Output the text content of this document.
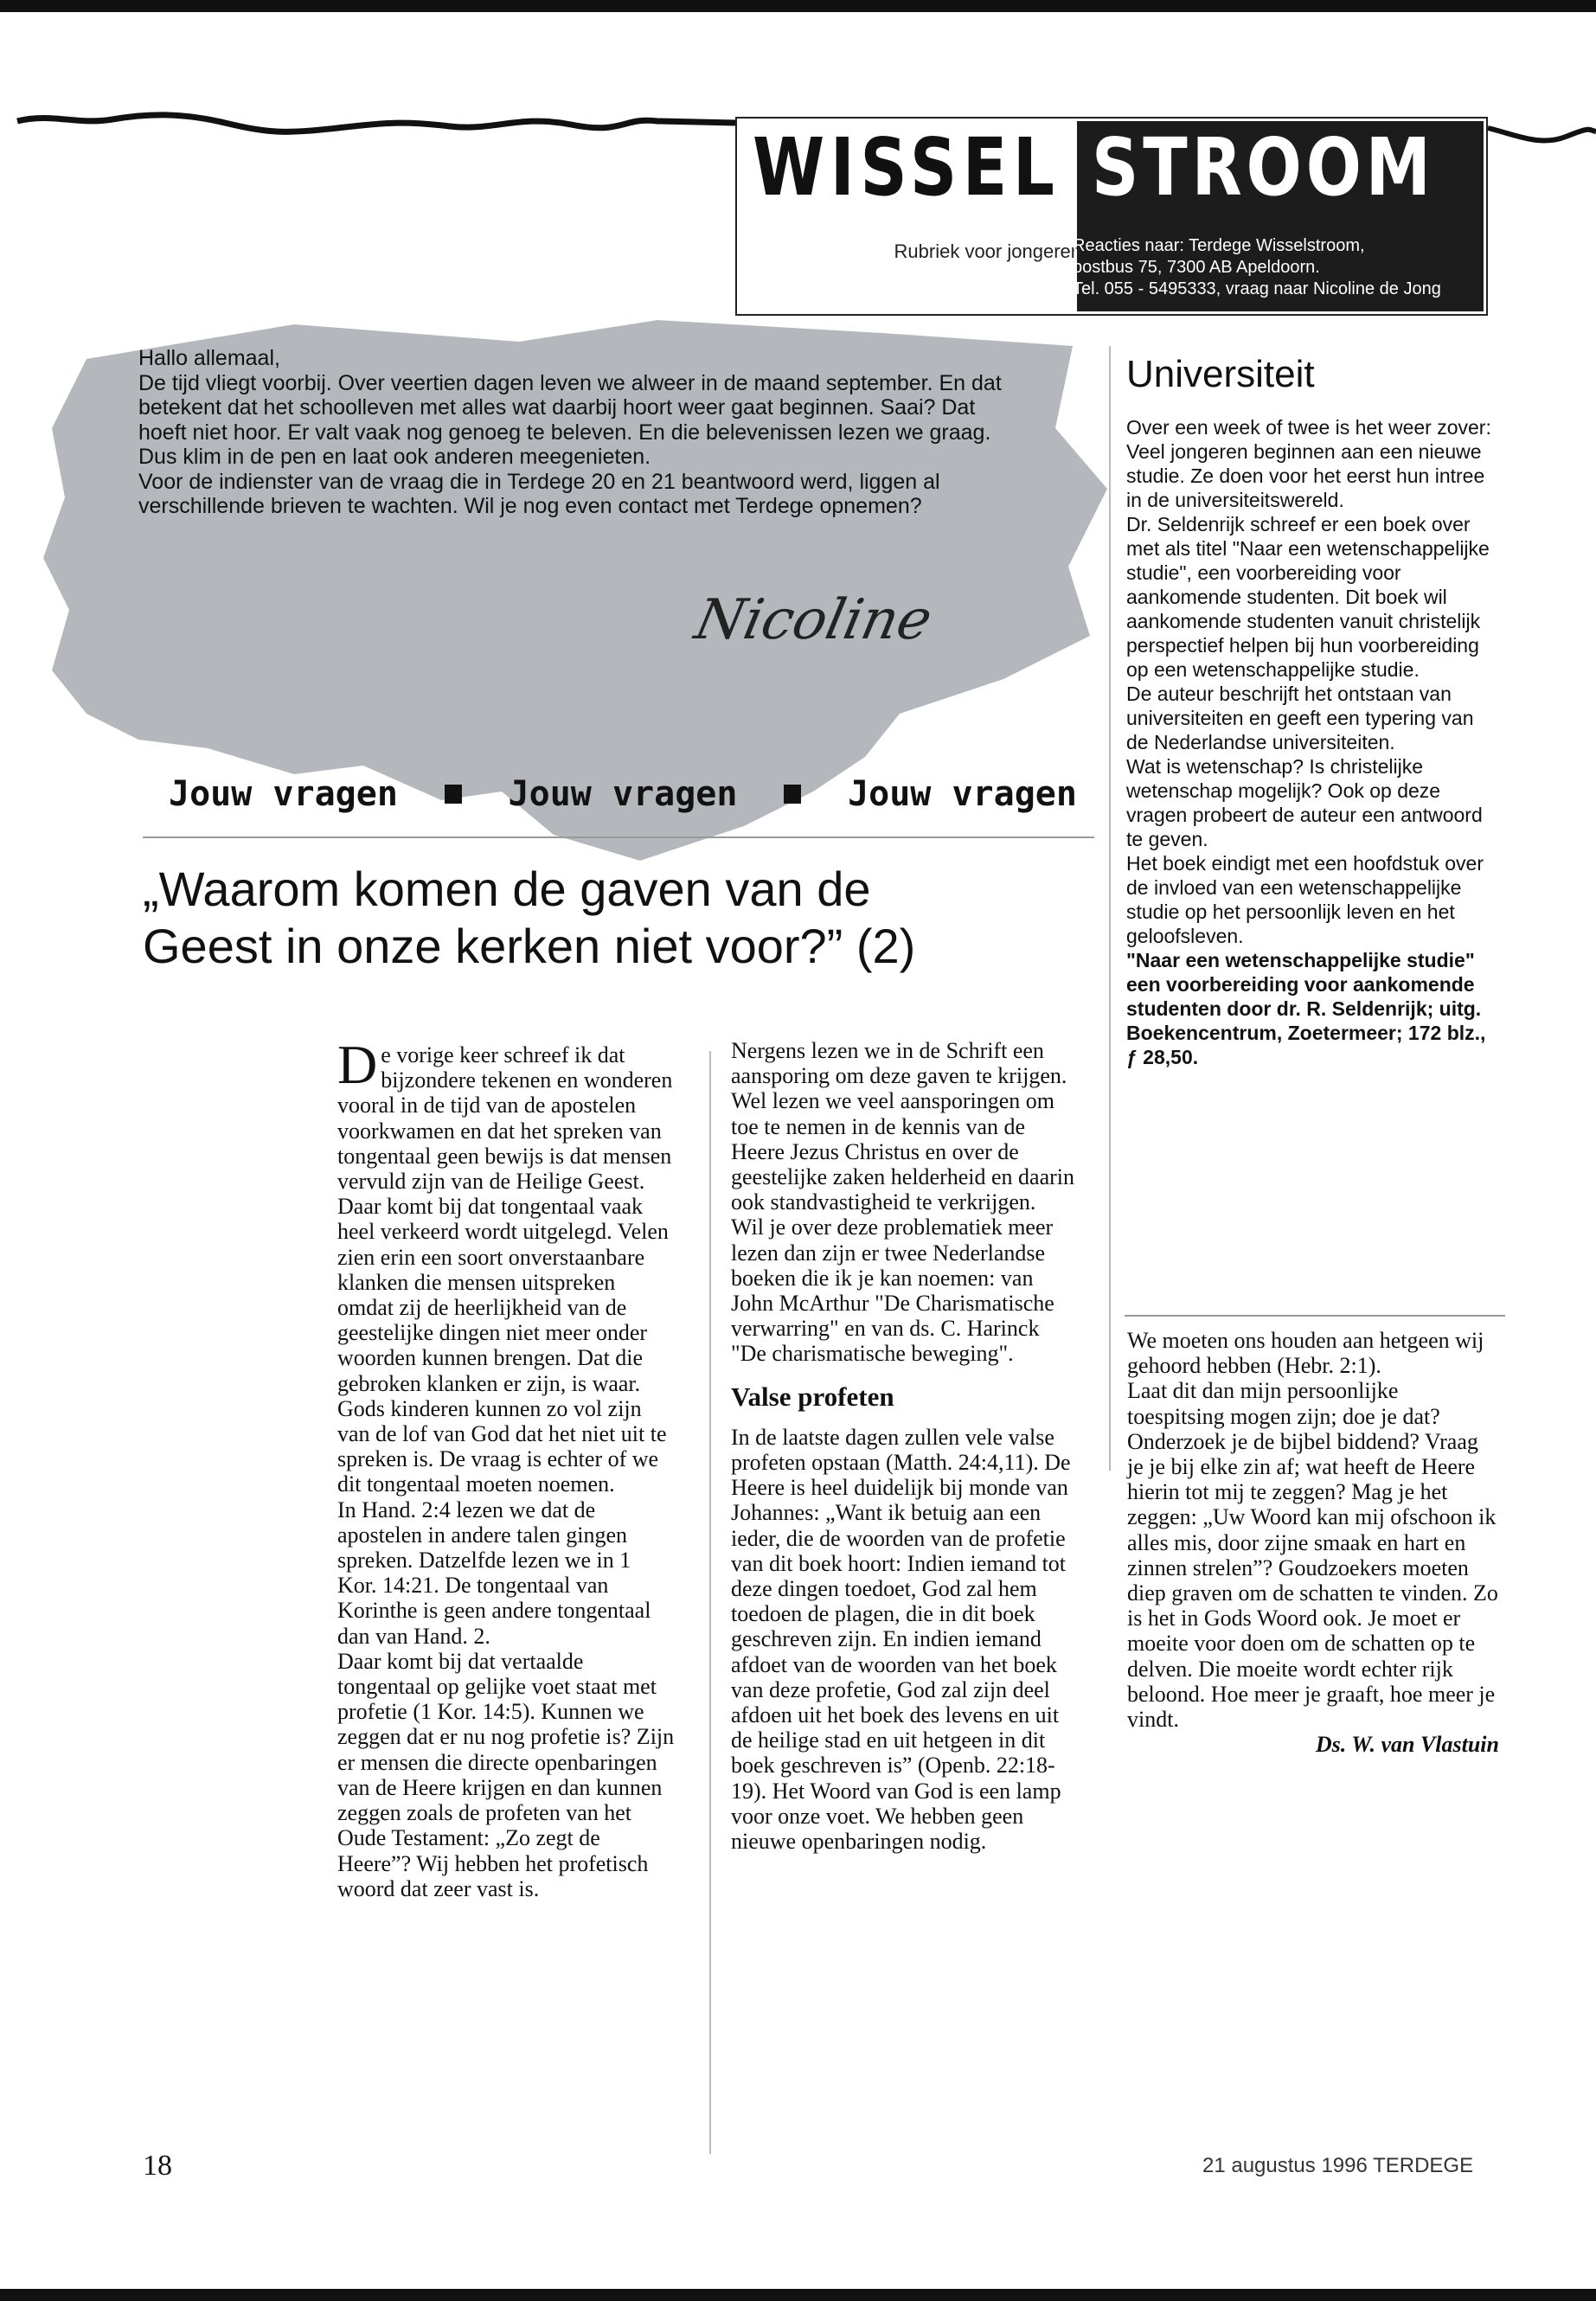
WISSEL STROOM
Rubriek voor jongeren
Reacties naar: Terdege Wisselstroom,
postbus 75, 7300 AB Apeldoorn.
Tel. 055 - 5495333, vraag naar Nicoline de Jong

Hallo allemaal,

De tijd vliegt voorbij. Over veertien dagen leven we alweer in de maand september. En dat

betekent dat het schoolleven met alles wat daarbij hoort weer gaat beginnen. Saai? Dat

hoeft niet hoor. Er valt vaak nog genoeg te beleven. En die belevenissen lezen we graag.

Dus klim in de pen en laat ook anderen meegenieten.

Voor de indienster van de vraag die in Terdege 20 en 21 beantwoord werd, liggen al

verschillende brieven te wachten. Wil je nog even contact met Terdege opnemen?

Nicoline
Jouw vragen	Jouw vragen	Jouw vragen
„Waarom komen de gaven van de
Geest in onze kerken niet voor?” (2)

De vorige keer schreef ik dat bijzondere tekenen en wonderen vooral in de tijd van de apostelen voorkwamen en dat het spreken van tongentaal geen bewijs is dat mensen vervuld zijn van de Heilige Geest.

Daar komt bij dat tongentaal vaak heel verkeerd wordt uitgelegd. Velen zien erin een soort onverstaanbare klanken die mensen uitspreken omdat zij de heerlijkheid van de geestelijke dingen niet meer onder woorden kunnen brengen. Dat die gebroken klanken er zijn, is waar. Gods kinderen kunnen zo vol zijn van de lof van God dat het niet uit te spreken is. De vraag is echter of we dit tongentaal moeten noemen.

In Hand. 2:4 lezen we dat de apostelen in andere talen gingen spreken. Datzelfde lezen we in 1 Kor. 14:21. De tongentaal van Korinthe is geen andere tongentaal dan van Hand. 2.

Daar komt bij dat vertaalde tongentaal op gelijke voet staat met profetie (1 Kor. 14:5). Kunnen we zeggen dat er nu nog profetie is? Zijn er mensen die directe openbaringen van de Heere krijgen en dan kunnen zeggen zoals de profeten van het Oude Testament: „Zo zegt de Heere”? Wij hebben het profetisch woord dat zeer vast is.

Nergens lezen we in de Schrift een aansporing om deze gaven te krijgen. Wel lezen we veel aansporingen om toe te nemen in de kennis van de Heere Jezus Christus en over de geestelijke zaken helderheid en daarin ook standvastigheid te verkrijgen.

Wil je over deze problematiek meer lezen dan zijn er twee Nederlandse boeken die ik je kan noemen: van John McArthur "De Charismatische verwarring" en van ds. C. Harinck "De charismatische beweging".

Valse profeten

In de laatste dagen zullen vele valse profeten opstaan (Matth. 24:4,11). De Heere is heel duidelijk bij monde van Johannes: „Want ik betuig aan een ieder, die de woorden van de profetie van dit boek hoort: Indien iemand tot deze dingen toedoet, God zal hem toedoen de plagen, die in dit boek geschreven zijn. En indien iemand afdoet van de woorden van het boek van deze profetie, God zal zijn deel afdoen uit het boek des levens en uit de heilige stad en uit hetgeen in dit boek geschreven is” (Openb. 22:18-19). Het Woord van God is een lamp voor onze voet. We hebben geen nieuwe openbaringen nodig.

Universiteit

Over een week of twee is het weer zover: Veel jongeren beginnen aan een nieuwe studie. Ze doen voor het eerst hun intree in de universiteitswereld.

Dr. Seldenrijk schreef er een boek over met als titel "Naar een wetenschappelijke studie", een voorbereiding voor aankomende studenten. Dit boek wil aankomende studenten vanuit christelijk perspectief helpen bij hun voorbereiding op een wetenschappelijke studie.

De auteur beschrijft het ontstaan van universiteiten en geeft een typering van de Nederlandse universiteiten.

Wat is wetenschap? Is christelijke wetenschap mogelijk? Ook op deze vragen probeert de auteur een antwoord te geven.

Het boek eindigt met een hoofdstuk over de invloed van een wetenschappelijke studie op het persoonlijk leven en het geloofsleven.

"Naar een wetenschappelijke studie" een voorbereiding voor aankomende studenten door dr. R. Seldenrijk; uitg. Boekencentrum, Zoetermeer; 172 blz., ƒ 28,50.

We moeten ons houden aan hetgeen wij gehoord hebben (Hebr. 2:1).

Laat dit dan mijn persoonlijke toespitsing mogen zijn; doe je dat? Onderzoek je de bijbel biddend? Vraag je je bij elke zin af; wat heeft de Heere hierin tot mij te zeggen? Mag je het zeggen: „Uw Woord kan mij ofschoon ik alles mis, door zijne smaak en hart en zinnen strelen”? Goudzoekers moeten diep graven om de schatten te vinden. Zo is het in Gods Woord ook. Je moet er moeite voor doen om de schatten op te delven. Die moeite wordt echter rijk beloond. Hoe meer je graaft, hoe meer je vindt.

Ds. W. van Vlastuin

18	21 augustus 1996 TERDEGE
